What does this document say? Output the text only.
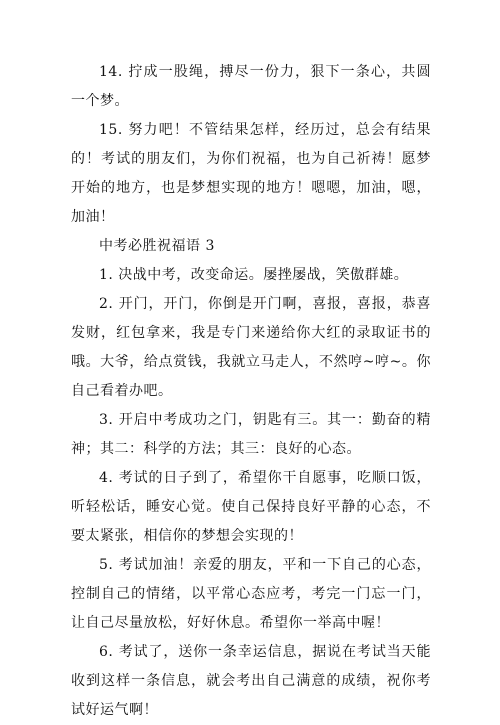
14. 拧成一股绳，搏尽一份力，狠下一条心，共圆一个梦。

15. 努力吧！不管结果怎样，经历过，总会有结果的！考试的朋友们，为你们祝福，也为自己祈祷！愿梦开始的地方，也是梦想实现的地方！嗯嗯，加油，嗯，加油！

中考必胜祝福语 3

1. 决战中考，改变命运。屡挫屡战，笑傲群雄。

2. 开门，开门，你倒是开门啊，喜报，喜报，恭喜发财，红包拿来，我是专门来递给你大红的录取证书的哦。大爷，给点赏钱，我就立马走人，不然哼~哼~。你自己看着办吧。

3. 开启中考成功之门，钥匙有三。其一：勤奋的精神；其二：科学的方法；其三：良好的心态。

4. 考试的日子到了，希望你干自愿事，吃顺口饭，听轻松话，睡安心觉。使自己保持良好平静的心态，不要太紧张，相信你的梦想会实现的！

5. 考试加油！亲爱的朋友，平和一下自己的心态，控制自己的情绪，以平常心态应考，考完一门忘一门，让自己尽量放松，好好休息。希望你一举高中喔！

6. 考试了，送你一条幸运信息，据说在考试当天能收到这样一条信息，就会考出自己满意的成绩，祝你考试好运气啊！
